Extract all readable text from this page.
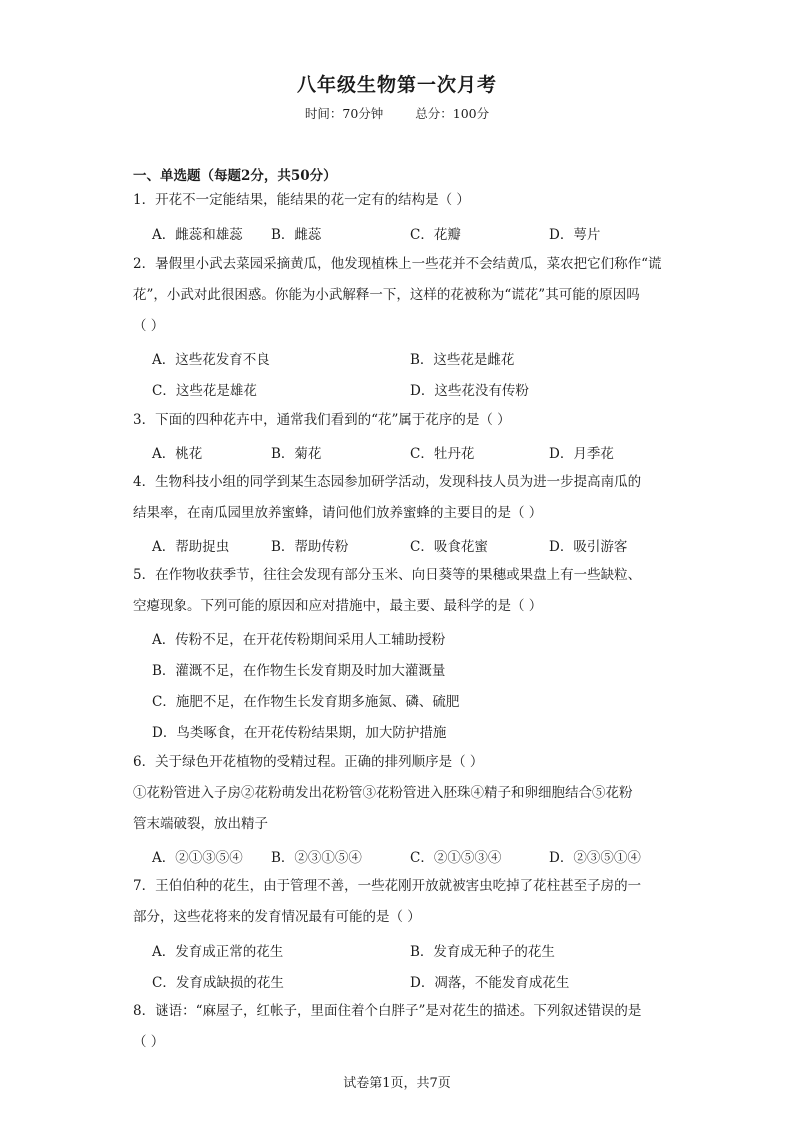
八年级生物第一次月考
时间：70分钟	总分：100分
一、单选题（每题2分，共50分）
1．开花不一定能结果，能结果的花一定有的结构是（ ）
A．雌蕊和雄蕊 B．雌蕊	C．花瓣	D．萼片
2．暑假里小武去菜园采摘黄瓜，他发现植株上一些花并不会结黄瓜，菜农把它们称作“谎
花”，小武对此很困惑。你能为小武解释一下，这样的花被称为“谎花”其可能的原因吗
（ ）
A．这些花发育不良	B．这些花是雌花
C．这些花是雄花	D．这些花没有传粉
3．下面的四种花卉中，通常我们看到的“花”属于花序的是（ ）
A．桃花	B．菊花	C．牡丹花	D．月季花
4．生物科技小组的同学到某生态园参加研学活动，发现科技人员为进一步提高南瓜的
结果率，在南瓜园里放养蜜蜂，请问他们放养蜜蜂的主要目的是（ ）
A．帮助捉虫	B．帮助传粉	C．吸食花蜜	D．吸引游客
5．在作物收获季节，往往会发现有部分玉米、向日葵等的果穗或果盘上有一些缺粒、
空瘪现象。下列可能的原因和应对措施中，最主要、最科学的是（ ）
A．传粉不足，在开花传粉期间采用人工辅助授粉
B．灌溉不足，在作物生长发育期及时加大灌溉量
C．施肥不足，在作物生长发育期多施氮、磷、硫肥
D．鸟类啄食，在开花传粉结果期，加大防护措施
6．关于绿色开花植物的受精过程。正确的排列顺序是（ ）
①花粉管进入子房②花粉萌发出花粉管③花粉管进入胚珠④精子和卵细胞结合⑤花粉
管末端破裂，放出精子
A．②①③⑤④ B．②③①⑤④	C．②①⑤③④	D．②③⑤①④
7．王伯伯种的花生，由于管理不善，一些花刚开放就被害虫吃掉了花柱甚至子房的一
部分，这些花将来的发育情况最有可能的是（ ）
A．发育成正常的花生	B．发育成无种子的花生
C．发育成缺损的花生	D．凋落，不能发育成花生
8．谜语：“麻屋子，红帐子，里面住着个白胖子”是对花生的描述。下列叙述错误的是
（ ）
试卷第1页，共7页
